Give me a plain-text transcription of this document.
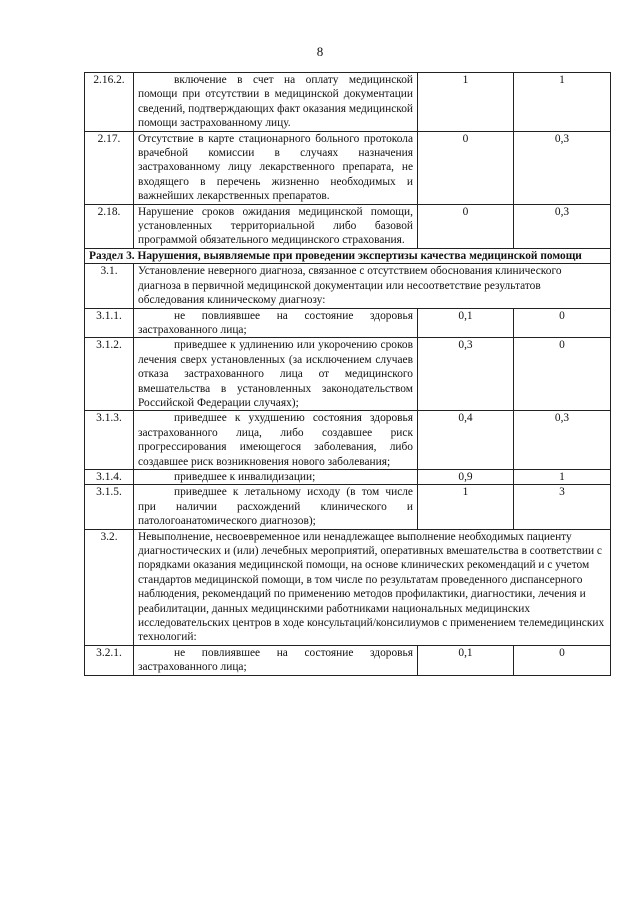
8
2.16.2.	включение в счет на оплату медицинской помощи при отсутствии в медицинской документации сведений, подтверждающих факт оказания медицинской помощи застрахованному лицу.	1	1
2.17.	Отсутствие в карте стационарного больного протокола врачебной комиссии в случаях назначения застрахованному лицу лекарственного препарата, не входящего в перечень жизненно необходимых и важнейших лекарственных препаратов.	0	0,3
2.18.	Нарушение сроков ожидания медицинской помощи, установленных территориальной либо базовой программой обязательного медицинского страхования.	0	0,3
Раздел 3. Нарушения, выявляемые при проведении экспертизы качества медицинской помощи			
3.1.	Установление неверного диагноза, связанное с отсутствием обоснования клинического диагноза в первичной медицинской документации или несоответствие результатов обследования клиническому диагнозу:		
3.1.1.	не повлиявшее на состояние здоровья застрахованного лица;	0,1	0
3.1.2.	приведшее к удлинению или укорочению сроков лечения сверх установленных (за исключением случаев отказа застрахованного лица от медицинского вмешательства в установленных законодательством Российской Федерации случаях);	0,3	0
3.1.3.	приведшее к ухудшению состояния здоровья застрахованного лица, либо создавшее риск прогрессирования имеющегося заболевания, либо создавшее риск возникновения нового заболевания;	0,4	0,3
3.1.4.	приведшее к инвалидизации;	0,9	1
3.1.5.	приведшее к летальному исходу (в том числе при наличии расхождений клинического и патологоанатомического диагнозов);	1	3
3.2.	Невыполнение, несвоевременное или ненадлежащее выполнение необходимых пациенту диагностических и (или) лечебных мероприятий, оперативных вмешательства в соответствии с порядками оказания медицинской помощи, на основе клинических рекомендаций и с учетом стандартов медицинской помощи, в том числе по результатам проведенного диспансерного наблюдения, рекомендаций по применению методов профилактики, диагностики, лечения и реабилитации, данных медицинскими работниками национальных медицинских исследовательских центров в ходе консультаций/консилиумов с применением телемедицинских технологий:		
3.2.1.	не повлиявшее на состояние здоровья застрахованного лица;	0,1	0
